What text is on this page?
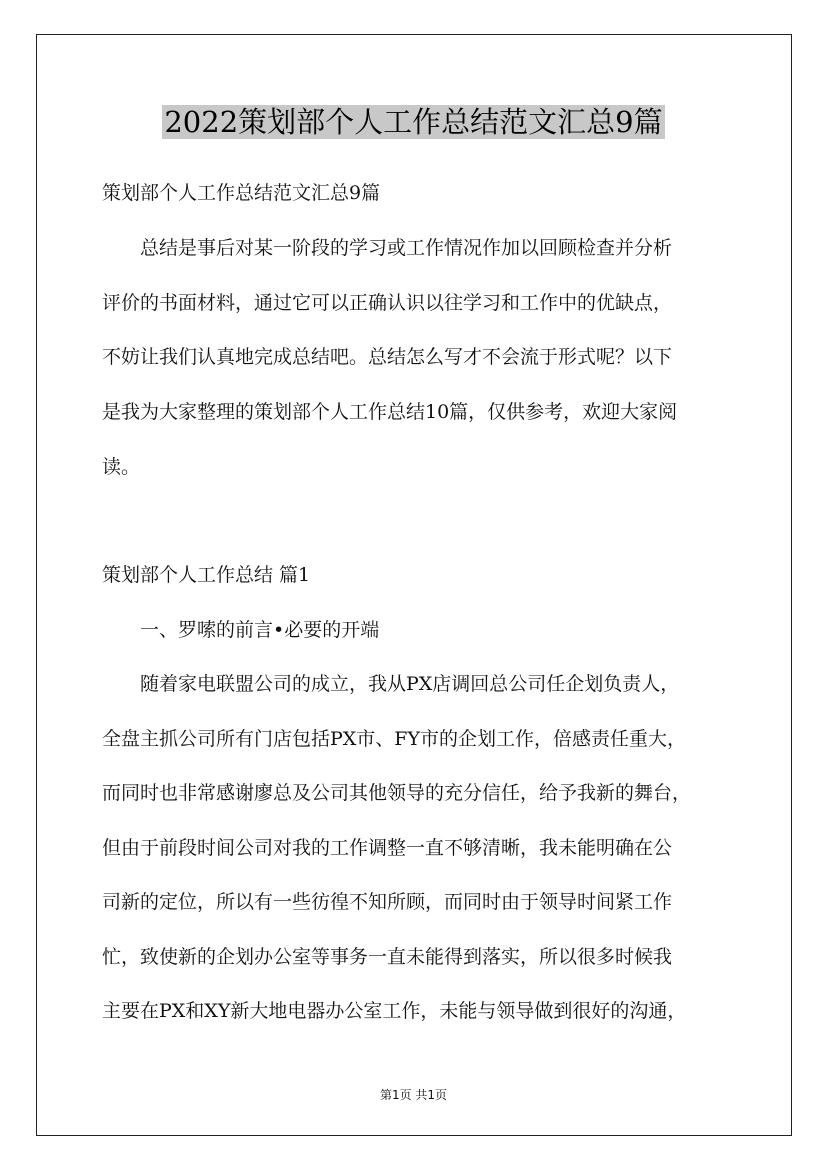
2022策划部个人工作总结范文汇总9篇
策划部个人工作总结范文汇总9篇
总结是事后对某一阶段的学习或工作情况作加以回顾检查并分析
评价的书面材料，通过它可以正确认识以往学习和工作中的优缺点，
不妨让我们认真地完成总结吧。总结怎么写才不会流于形式呢？以下
是我为大家整理的策划部个人工作总结10篇，仅供参考，欢迎大家阅
读。
策划部个人工作总结 篇1
一、罗嗦的前言•必要的开端
随着家电联盟公司的成立，我从PX店调回总公司任企划负责人，
全盘主抓公司所有门店包括PX市、FY市的企划工作，倍感责任重大，
而同时也非常感谢廖总及公司其他领导的充分信任，给予我新的舞台，
但由于前段时间公司对我的工作调整一直不够清晰，我未能明确在公
司新的定位，所以有一些彷徨不知所顾，而同时由于领导时间紧工作
忙，致使新的企划办公室等事务一直未能得到落实，所以很多时候我
主要在PX和XY新大地电器办公室工作，未能与领导做到很好的沟通，
第1页 共1页
